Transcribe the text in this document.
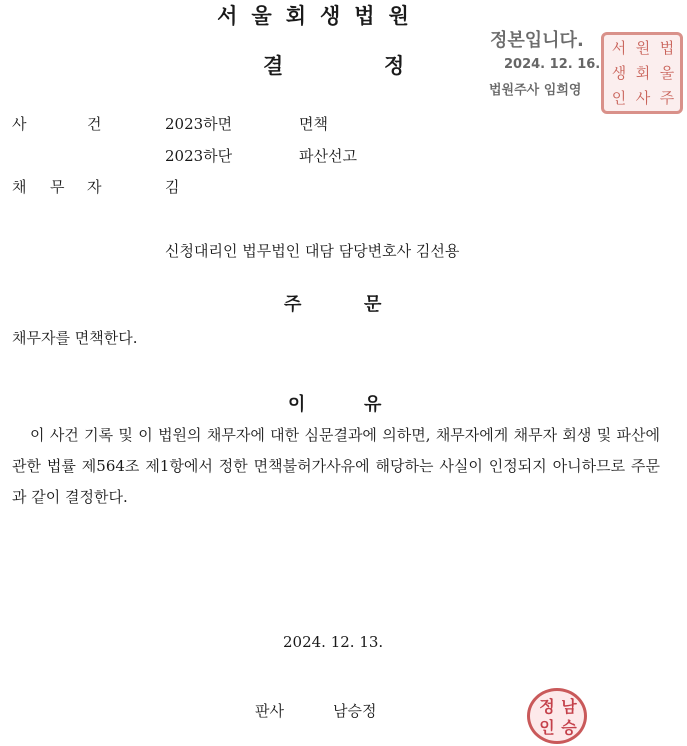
서울회생법원
결	정
정본입니다.
2024. 12. 16.
법원주사 임희영
법
원
서
울
회
생
주
사
인
사	건	2023하면	면책
2023하단	파산선고
채 무 자	김
신청대리인 법무법인 대담 담당변호사 김선용
주	문
채무자를 면책한다.
이	유
이 사건 기록 및 이 법원의 채무자에 대한 심문결과에 의하면, 채무자에게 채무자 회생 및 파산에 관한 법률 제564조 제1항에서 정한 면책불허가사유에 해당하는 사실이 인정되지 아니하므로 주문과 같이 결정한다.
2024. 12. 13.
판사	남승정	남
승
정
인
